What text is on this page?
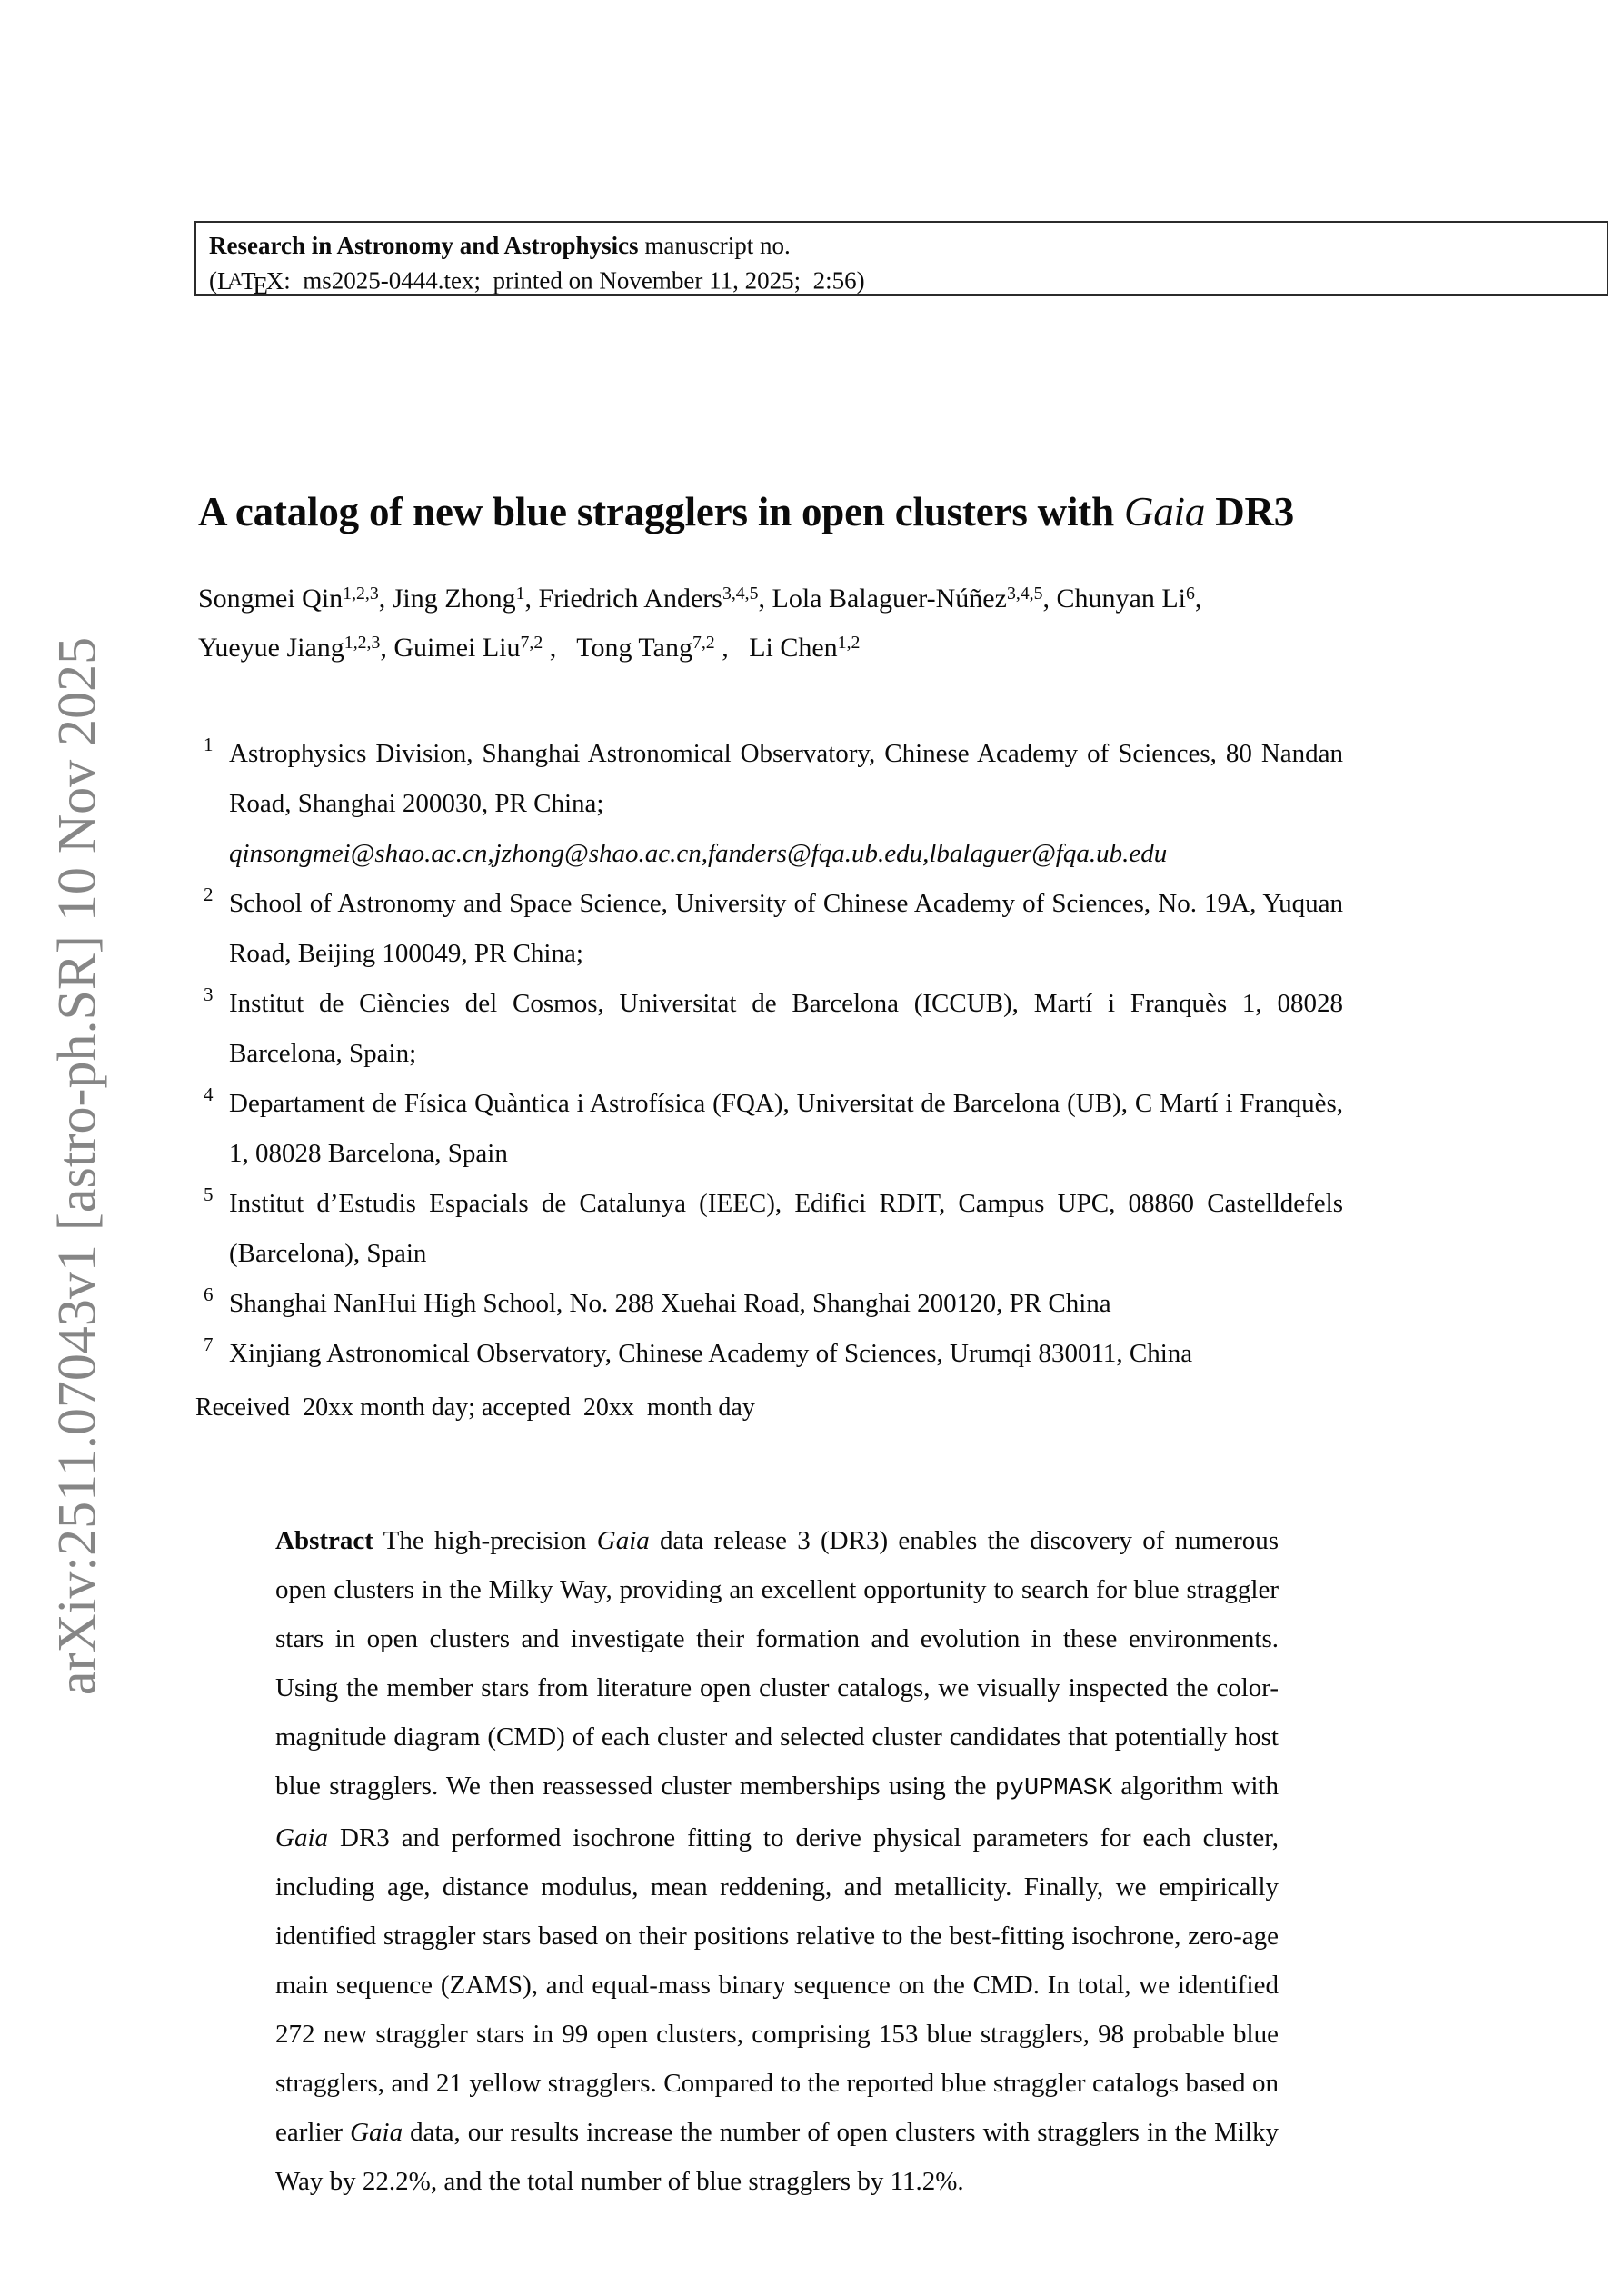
arXiv:2511.07043v1 [astro-ph.SR] 10 Nov 2025
Research in Astronomy and Astrophysics manuscript no.
(LATEX:  ms2025-0444.tex;  printed on November 11, 2025;  2:56)
A catalog of new blue stragglers in open clusters with Gaia DR3
Songmei Qin$^{1,2,3}$, Jing Zhong$^1$, Friedrich Anders$^{3,4,5}$, Lola Balaguer-Núñez$^{3,4,5}$, Chunyan Li$^6$,
Yueyue Jiang$^{1,2,3}$, Guimei Liu$^{7,2}$ ,   Tong Tang$^{7,2}$ ,   Li Chen$^{1,2}$
1 Astrophysics Division, Shanghai Astronomical Observatory, Chinese Academy of Sciences, 80 Nandan Road, Shanghai 200030, PR China;
qinsongmei@shao.ac.cn,jzhong@shao.ac.cn,fanders@fqa.ub.edu,lbalaguer@fqa.ub.edu
2 School of Astronomy and Space Science, University of Chinese Academy of Sciences, No. 19A, Yuquan Road, Beijing 100049, PR China;
3 Institut de Ciències del Cosmos, Universitat de Barcelona (ICCUB), Martí i Franquès 1, 08028 Barcelona, Spain;
4 Departament de Física Quàntica i Astrofísica (FQA), Universitat de Barcelona (UB), C Martí i Franquès, 1, 08028 Barcelona, Spain
5 Institut d’Estudis Espacials de Catalunya (IEEC), Edifici RDIT, Campus UPC, 08860 Castelldefels (Barcelona), Spain
6 Shanghai NanHui High School, No. 288 Xuehai Road, Shanghai 200120, PR China
7 Xinjiang Astronomical Observatory, Chinese Academy of Sciences, Urumqi 830011, China
Received  20xx month day; accepted  20xx  month day
Abstract The high-precision Gaia data release 3 (DR3) enables the discovery of numerous open clusters in the Milky Way, providing an excellent opportunity to search for blue straggler stars in open clusters and investigate their formation and evolution in these environments. Using the member stars from literature open cluster catalogs, we visually inspected the color-magnitude diagram (CMD) of each cluster and selected cluster candidates that potentially host blue stragglers. We then reassessed cluster memberships using the pyUPMASK algorithm with Gaia DR3 and performed isochrone fitting to derive physical parameters for each cluster, including age, distance modulus, mean reddening, and metallicity. Finally, we empirically identified straggler stars based on their positions relative to the best-fitting isochrone, zero-age main sequence (ZAMS), and equal-mass binary sequence on the CMD. In total, we identified 272 new straggler stars in 99 open clusters, comprising 153 blue stragglers, 98 probable blue stragglers, and 21 yellow stragglers. Compared to the reported blue straggler catalogs based on earlier Gaia data, our results increase the number of open clusters with stragglers in the Milky Way by 22.2%, and the total number of blue stragglers by 11.2%.
